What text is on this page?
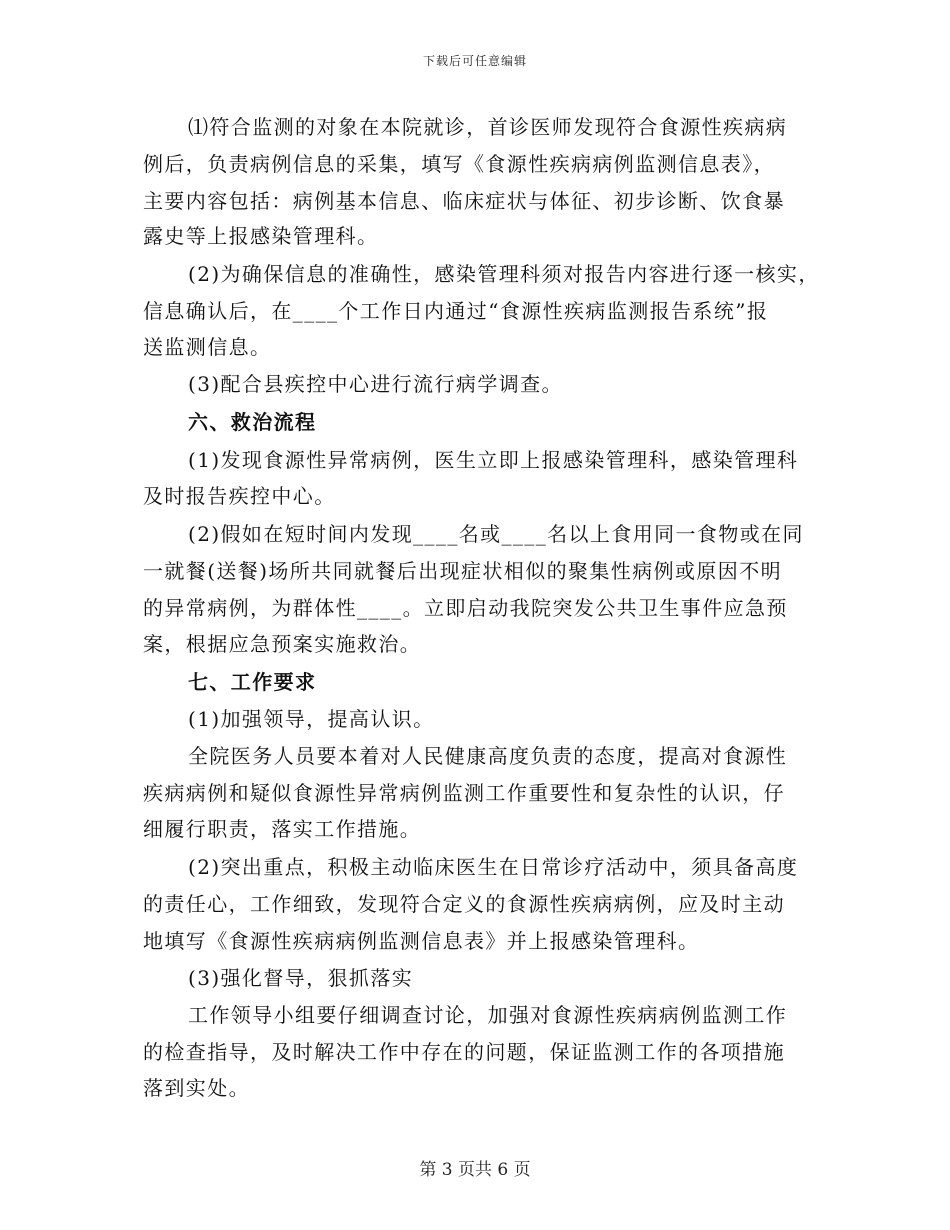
下载后可任意编辑
⑴符合监测的对象在本院就诊，首诊医师发现符合食源性疾病病
例后，负责病例信息的采集，填写《食源性疾病病例监测信息表》，
主要内容包括：病例基本信息、临床症状与体征、初步诊断、饮食暴
露史等上报感染管理科。
(2)为确保信息的准确性，感染管理科须对报告内容进行逐一核实，
信息确认后，在____个工作日内通过“食源性疾病监测报告系统”报
送监测信息。
(3)配合县疾控中心进行流行病学调查。
六、救治流程
(1)发现食源性异常病例，医生立即上报感染管理科，感染管理科
及时报告疾控中心。
(2)假如在短时间内发现____名或____名以上食用同一食物或在同
一就餐(送餐)场所共同就餐后出现症状相似的聚集性病例或原因不明
的异常病例，为群体性____。立即启动我院突发公共卫生事件应急预
案，根据应急预案实施救治。
七、工作要求
(1)加强领导，提高认识。
全院医务人员要本着对人民健康高度负责的态度，提高对食源性
疾病病例和疑似食源性异常病例监测工作重要性和复杂性的认识，仔
细履行职责，落实工作措施。
(2)突出重点，积极主动临床医生在日常诊疗活动中，须具备高度
的责任心，工作细致，发现符合定义的食源性疾病病例，应及时主动
地填写《食源性疾病病例监测信息表》并上报感染管理科。
(3)强化督导，狠抓落实
工作领导小组要仔细调查讨论，加强对食源性疾病病例监测工作
的检查指导，及时解决工作中存在的问题，保证监测工作的各项措施
落到实处。
第 3 页共 6 页
